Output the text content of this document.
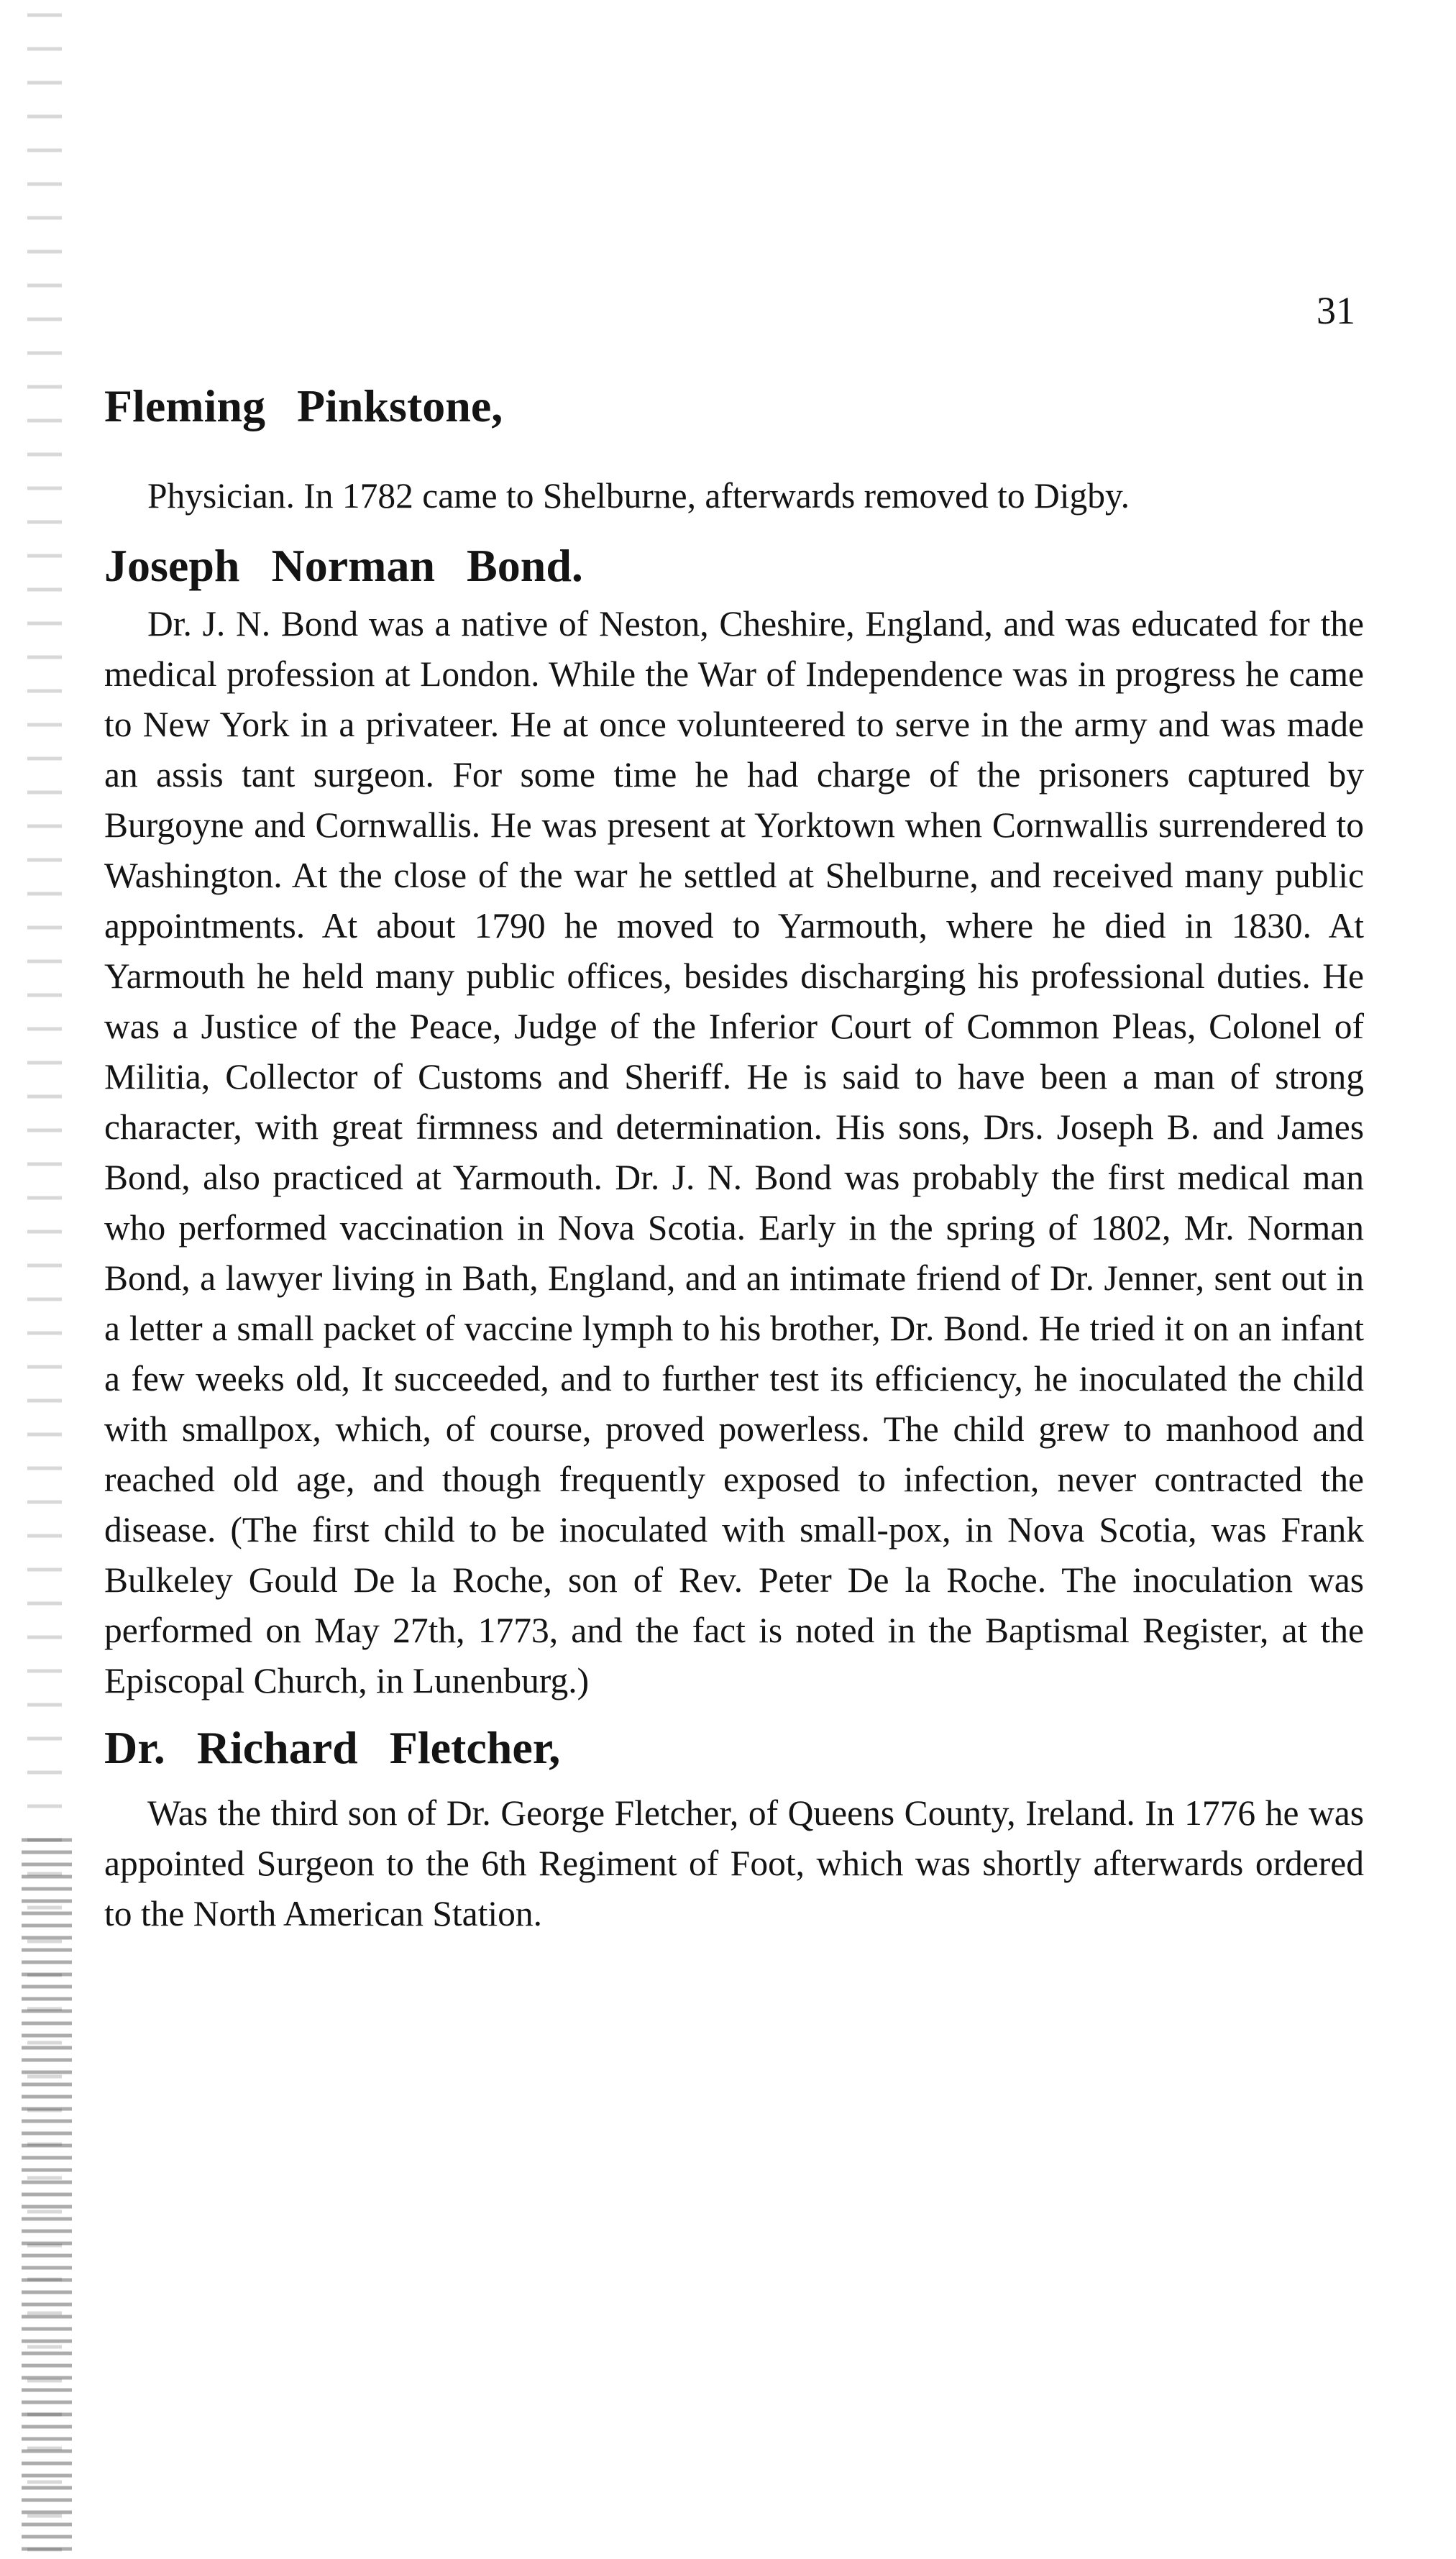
31
Fleming Pinkstone,

Physician. In 1782 came to Shelburne, afterwards removed to Digby.

Joseph Norman Bond.

Dr. J. N. Bond was a native of Neston, Cheshire, England, and was educated for the medical profession at London. While the War of Independence was in progress he came to New York in a privateer. He at once volunteered to serve in the army and was made an assis tant surgeon. For some time he had charge of the prisoners captured by Burgoyne and Cornwallis. He was present at Yorktown when Cornwallis surrendered to Washington. At the close of the war he settled at Shelburne, and received many public appointments. At about 1790 he moved to Yarmouth, where he died in 1830. At Yarmouth he held many public offices, besides discharging his professional duties. He was a Justice of the Peace, Judge of the Inferior Court of Common Pleas, Colonel of Militia, Collector of Customs and Sheriff. He is said to have been a man of strong character, with great firmness and determination. His sons, Drs. Joseph B. and James Bond, also practiced at Yarmouth. Dr. J. N. Bond was probably the first medical man who performed vaccination in Nova Scotia. Early in the spring of 1802, Mr. Norman Bond, a lawyer living in Bath, England, and an intimate friend of Dr. Jenner, sent out in a letter a small packet of vaccine lymph to his brother, Dr. Bond. He tried it on an infant a few weeks old, It succeeded, and to further test its efficiency, he inoculated the child with smallpox, which, of course, proved powerless. The child grew to manhood and reached old age, and though frequently exposed to infection, never contracted the disease. (The first child to be inoculated with small-pox, in Nova Scotia, was Frank Bulkeley Gould De la Roche, son of Rev. Peter De la Roche. The inoculation was performed on May 27th, 1773, and the fact is noted in the Baptismal Register, at the Episcopal Church, in Lunenburg.)

Dr. Richard Fletcher,

Was the third son of Dr. George Fletcher, of Queens County, Ireland. In 1776 he was appointed Surgeon to the 6th Regiment of Foot, which was shortly afterwards ordered to the North American Station.
